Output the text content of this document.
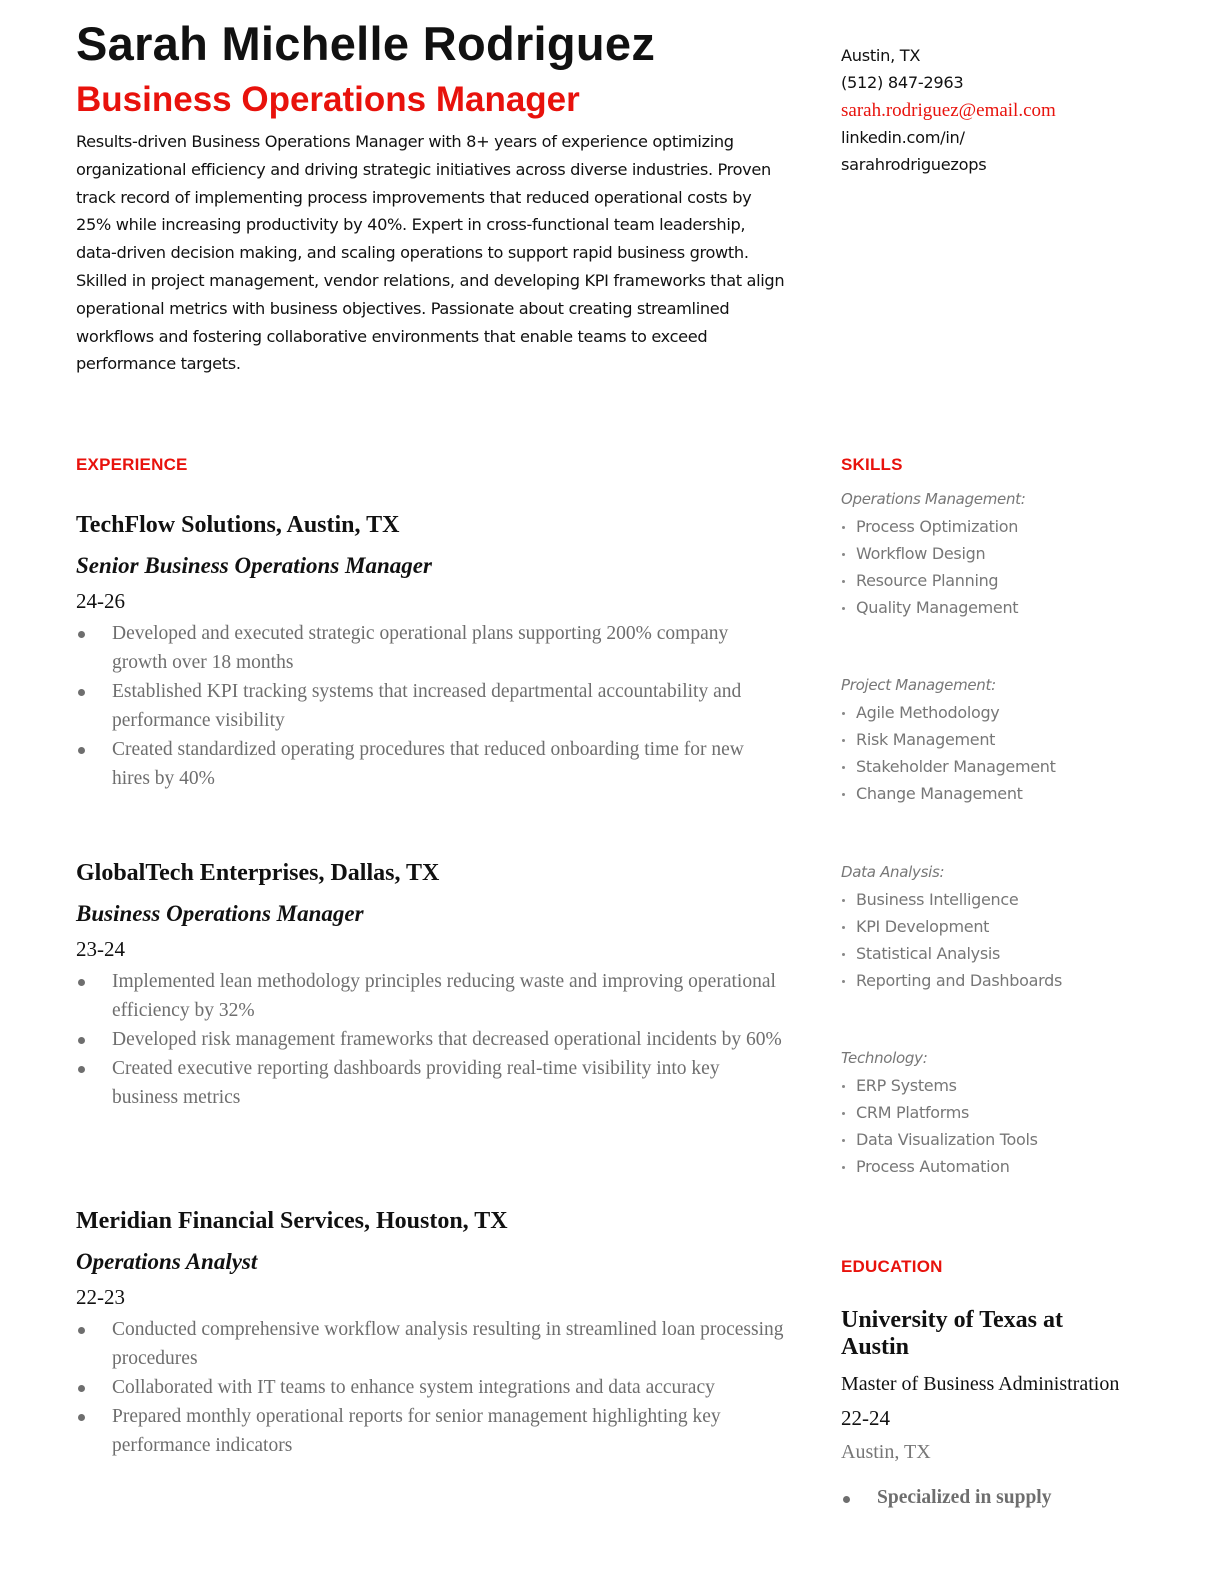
Sarah Michelle Rodriguez
Business Operations Manager

Results-driven Business Operations Manager with 8+ years of experience optimizing organizational efficiency and driving strategic initiatives across diverse industries. Proven track record of implementing process improvements that reduced operational costs by 25% while increasing productivity by 40%. Expert in cross-functional team leadership, data-driven decision making, and scaling operations to support rapid business growth. Skilled in project management, vendor relations, and developing KPI frameworks that align operational metrics with business objectives. Passionate about creating streamlined workflows and fostering collaborative environments that enable teams to exceed performance targets.

Austin, TX
(512) 847-2963
sarah.rodriguez@email.com
linkedin.com/in/
sarahrodriguezops
EXPERIENCE
TechFlow Solutions, Austin, TX
Senior Business Operations Manager
24-26
Developed and executed strategic operational plans supporting 200% company growth over 18 months
Established KPI tracking systems that increased departmental accountability and performance visibility
Created standardized operating procedures that reduced onboarding time for new hires by 40%
GlobalTech Enterprises, Dallas, TX
Business Operations Manager
23-24
Implemented lean methodology principles reducing waste and improving operational efficiency by 32%
Developed risk management frameworks that decreased operational incidents by 60%
Created executive reporting dashboards providing real-time visibility into key business metrics
Meridian Financial Services, Houston, TX
Operations Analyst
22-23
Conducted comprehensive workflow analysis resulting in streamlined loan processing procedures
Collaborated with IT teams to enhance system integrations and data accuracy
Prepared monthly operational reports for senior management highlighting key performance indicators
SKILLS
Operations Management:
Process Optimization
Workflow Design
Resource Planning
Quality Management
Project Management:
Agile Methodology
Risk Management
Stakeholder Management
Change Management
Data Analysis:
Business Intelligence
KPI Development
Statistical Analysis
Reporting and Dashboards
Technology:
ERP Systems
CRM Platforms
Data Visualization Tools
Process Automation
EDUCATION
University of Texas at Austin
Master of Business Administration
22-24
Austin, TX
Specialized in supply
